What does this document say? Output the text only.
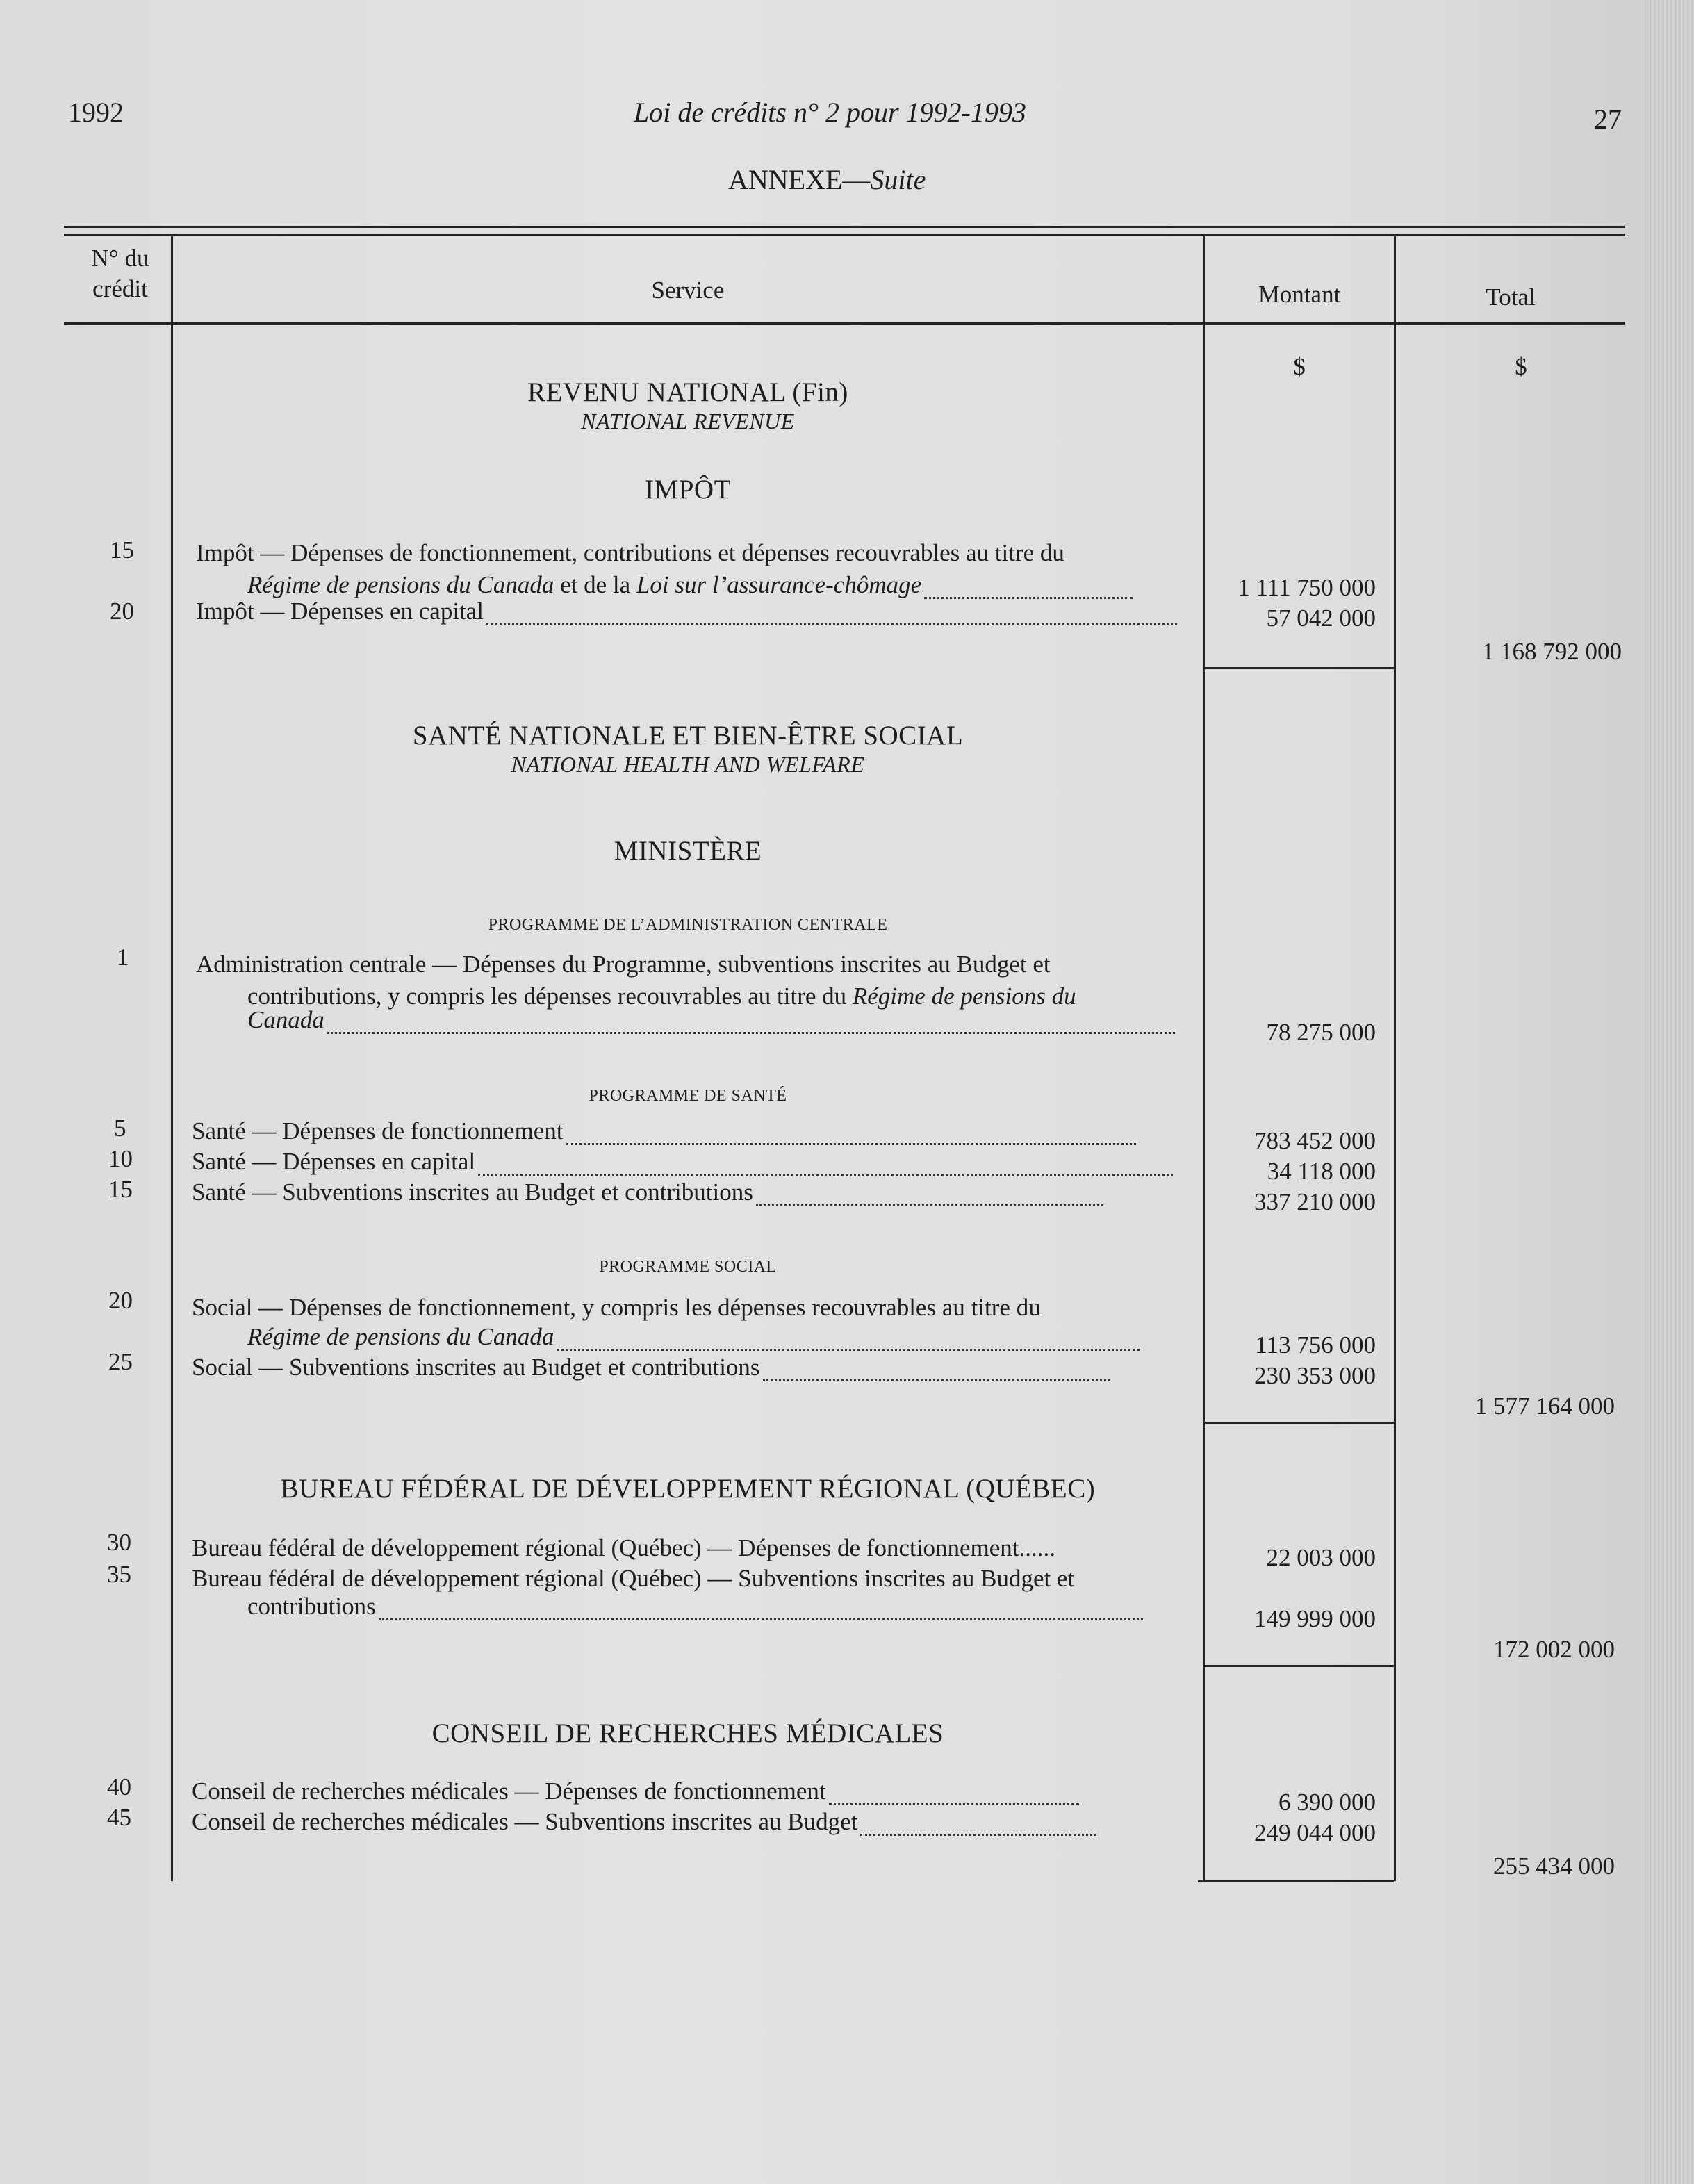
1992	Loi de crédits n° 2 pour 1992-1993	27
ANNEXE—Suite
N° du
crédit	Service	Montant	Total
$	$
REVENU NATIONAL (Fin)
NATIONAL REVENUE
IMPÔT
15	Impôt — Dépenses de fonctionnement, contributions et dépenses recouvrables au titre du
Régime de pensions du Canada et de la Loi sur l’assurance-chômage	1 111 750 000
20	Impôt — Dépenses en capital	57 042 000
1 168 792 000
SANTÉ NATIONALE ET BIEN-ÊTRE SOCIAL
NATIONAL HEALTH AND WELFARE
MINISTÈRE
PROGRAMME DE L’ADMINISTRATION CENTRALE
1	Administration centrale — Dépenses du Programme, subventions inscrites au Budget et
contributions, y compris les dépenses recouvrables au titre du Régime de pensions du
Canada	78 275 000
PROGRAMME DE SANTÉ
5	Santé — Dépenses de fonctionnement	783 452 000
10 Santé — Dépenses en capital	34 118 000
15 Santé — Subventions inscrites au Budget et contributions	337 210 000
PROGRAMME SOCIAL
20 Social — Dépenses de fonctionnement, y compris les dépenses recouvrables au titre du
Régime de pensions du Canada	113 756 000
25 Social — Subventions inscrites au Budget et contributions	230 353 000
1 577 164 000
BUREAU FÉDÉRAL DE DÉVELOPPEMENT RÉGIONAL (QUÉBEC)
30 Bureau fédéral de développement régional (Québec) — Dépenses de fonctionnement......	22 003 000
35 Bureau fédéral de développement régional (Québec) — Subventions inscrites au Budget et
contributions	149 999 000
172 002 000
CONSEIL DE RECHERCHES MÉDICALES
40 Conseil de recherches médicales — Dépenses de fonctionnement	6 390 000
45 Conseil de recherches médicales — Subventions inscrites au Budget	249 044 000
255 434 000
